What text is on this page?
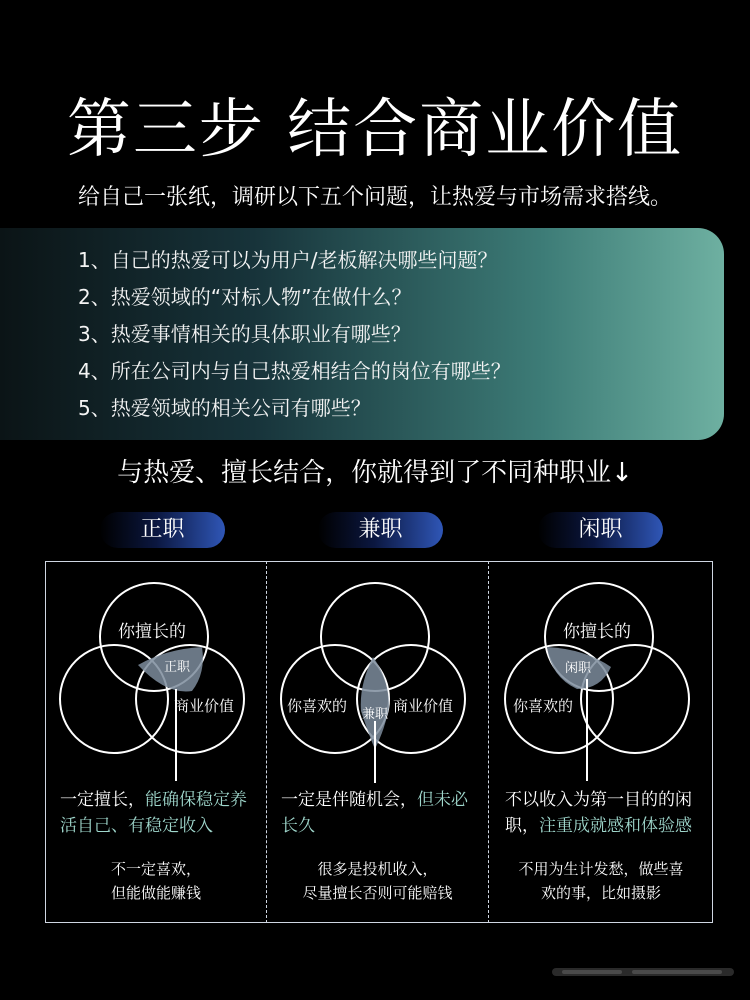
第三步 结合商业价值
给自己一张纸，调研以下五个问题，让热爱与市场需求搭线。
1、自己的热爱可以为用户/老板解决哪些问题？
2、热爱领域的“对标人物”在做什么？
3、热爱事情相关的具体职业有哪些？
4、所在公司内与自己热爱相结合的岗位有哪些？
5、热爱领域的相关公司有哪些？
与热爱、擅长结合，你就得到了不同种职业↓
正职	兼职	闲职
你擅长的
正职
商业价值
一定擅长，能确保稳定养活自己、有稳定收入
不一定喜欢，
但能做能赚钱
你喜欢的 兼职 商业价值
一定是伴随机会，但未必长久
很多是投机收入，
尽量擅长否则可能赔钱
你擅长的
闲职
你喜欢的
不以收入为第一目的的闲职，注重成就感和体验感
不用为生计发愁，做些喜
欢的事，比如摄影
